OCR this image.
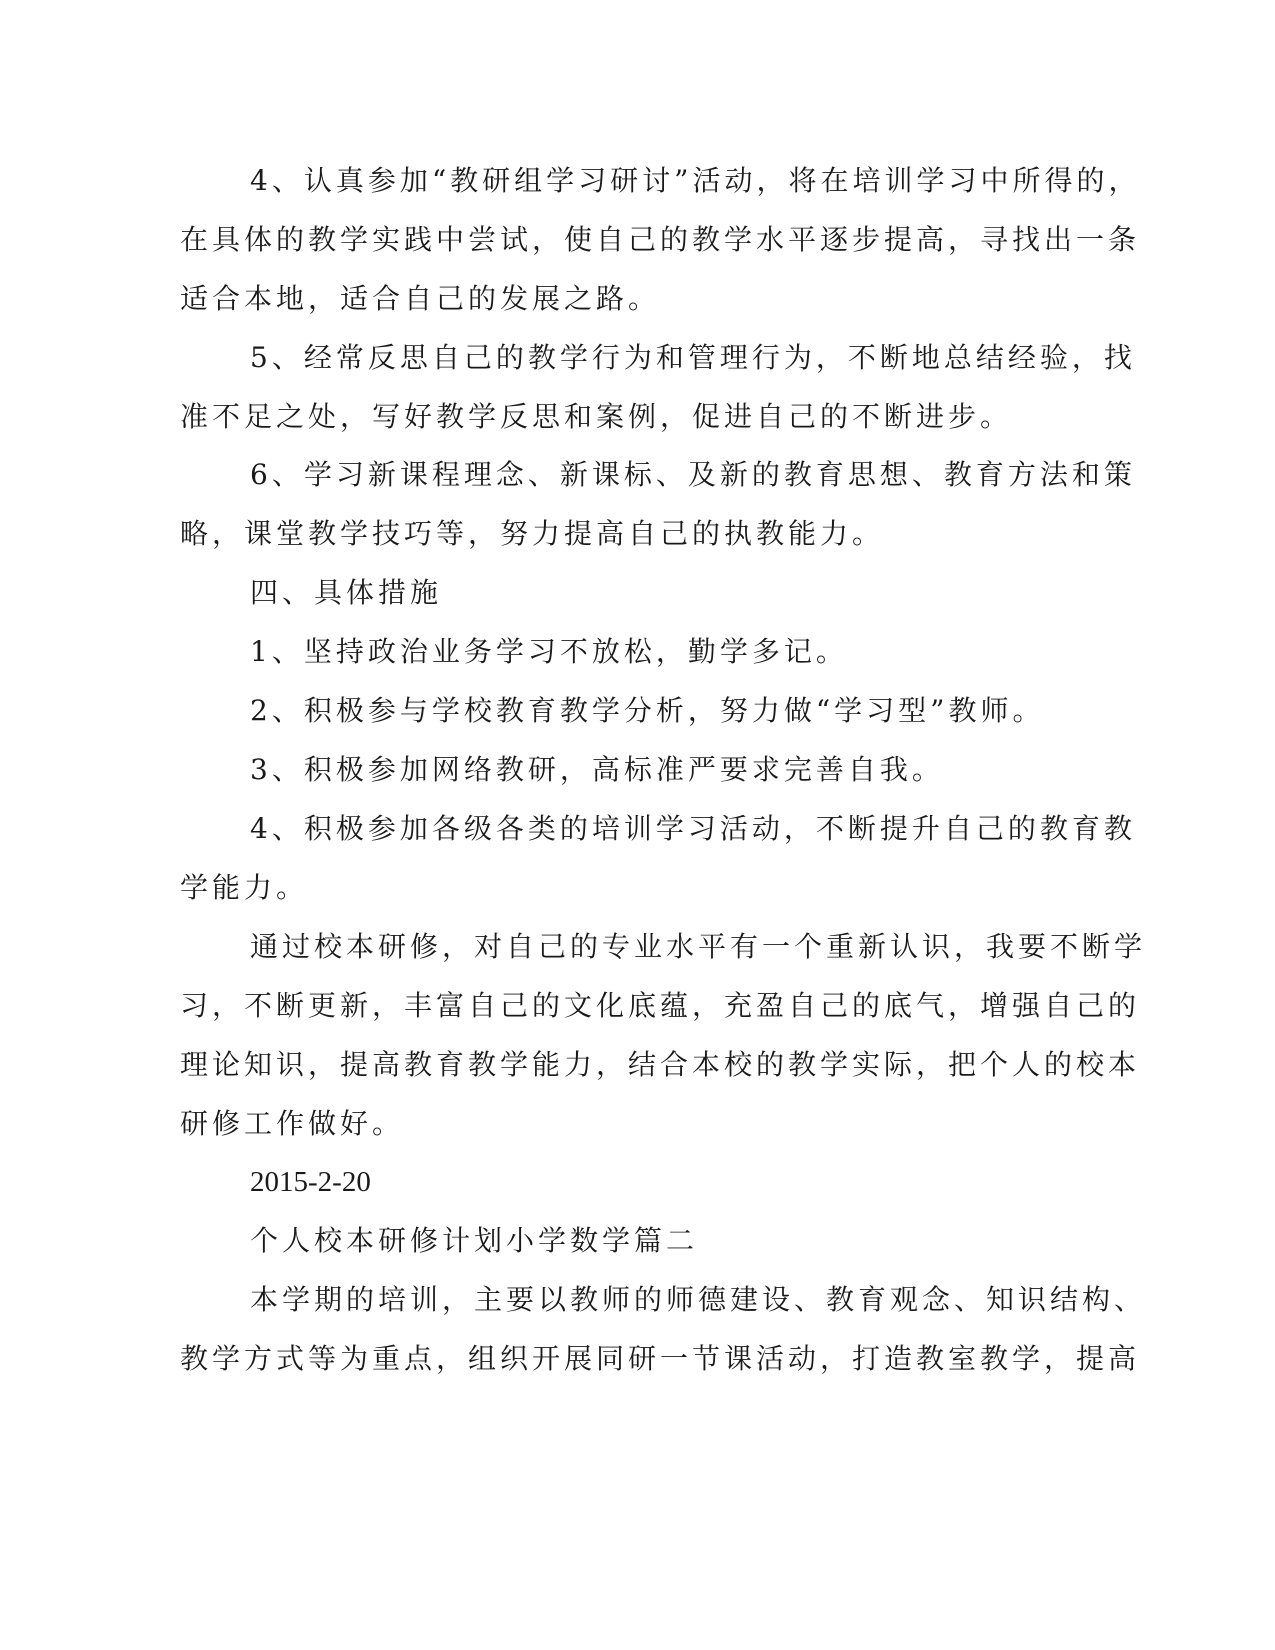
4、认真参加“教研组学习研讨”活动，将在培训学习中所得的，
在具体的教学实践中尝试，使自己的教学水平逐步提高，寻找出一条
适合本地，适合自己的发展之路。
5、经常反思自己的教学行为和管理行为，不断地总结经验，找
准不足之处，写好教学反思和案例，促进自己的不断进步。
6、学习新课程理念、新课标、及新的教育思想、教育方法和策
略，课堂教学技巧等，努力提高自己的执教能力。
四、具体措施
1、坚持政治业务学习不放松，勤学多记。
2、积极参与学校教育教学分析，努力做“学习型”教师。
3、积极参加网络教研，高标准严要求完善自我。
4、积极参加各级各类的培训学习活动，不断提升自己的教育教
学能力。
通过校本研修，对自己的专业水平有一个重新认识，我要不断学
习，不断更新，丰富自己的文化底蕴，充盈自己的底气，增强自己的
理论知识，提高教育教学能力，结合本校的教学实际，把个人的校本
研修工作做好。
2015-2-20
个人校本研修计划小学数学篇二
本学期的培训，主要以教师的师德建设、教育观念、知识结构、
教学方式等为重点，组织开展同研一节课活动，打造教室教学，提高
